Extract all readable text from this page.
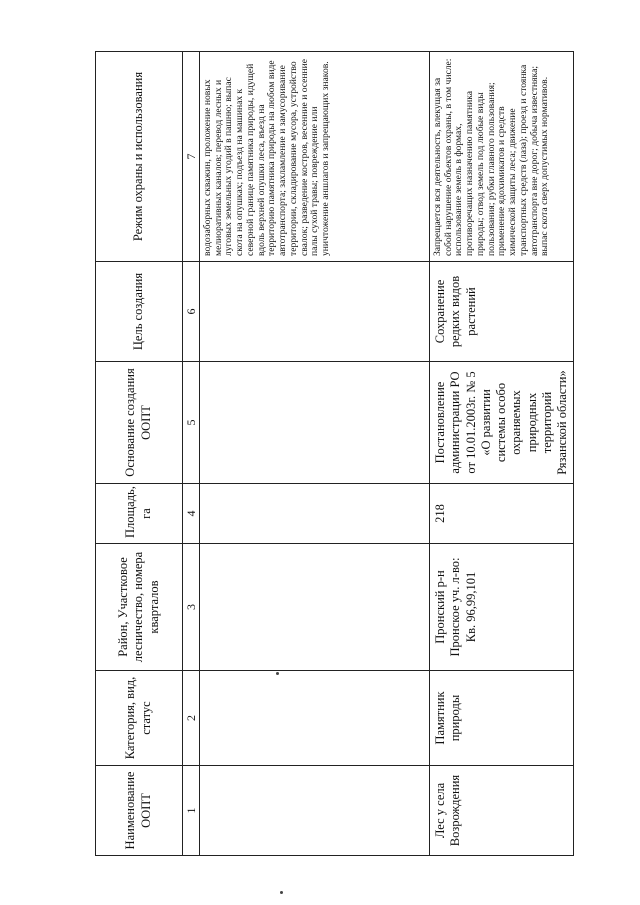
Наименование ООПТ	Категория, вид, статус	Район, Участковое лесничество, номера кварталов	Площадь, га	Основание создания ООПТ	Цель создания	Режим охраны и использования
1	2	3	4	5	6	7
						водозаборных скважин, проложение новых мелиоративных каналов; перевод лесных и луговых земельных угодий в пашню; выпас скота на опушках; подъезд на машинах к северной границе памятника природы, идущей вдоль верхней опушки леса, въезд на территорию памятника природы на любом виде автотранспорта; захламление и замусоривание территории, складирование мусора, устройство свалок; разведение костров, весенние и осенние палы сухой травы; повреждение или уничтожение аншлагов и запрещающих знаков.
Лес у села Возрождения	Памятник природы	Пронский р-н Пронское уч. л-во: Кв. 96,99,101	218	Постановление администрации РО от 10.01.2003г. № 5 «О развитии системы особо охраняемых природных территорий Рязанской области»	Сохранение редких видов растений	Запрещается вся деятельность, влекущая за собой нарушение объектов охраны, в том числе: использование земель в формах, противоречащих назначению памятника природы; отвод земель под любые виды пользования; рубки главного пользования; применение ядохимикатов и средств химической защиты леса; движение транспортных средств (лаза); проезд и стоянка автотранспорта вне дорог; добыча известняка; выпас скота сверх допустимых нормативов.
